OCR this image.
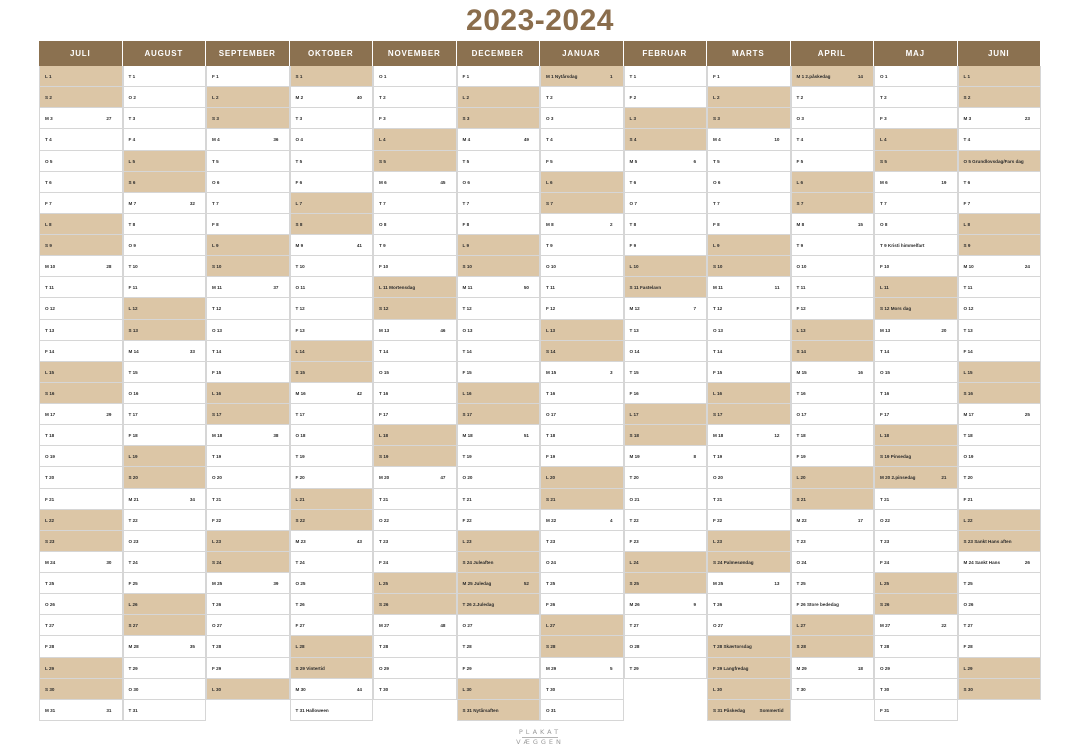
2023-2024
JULI
L 1
S 2
M 3	27
T 4
O 5
T 6
F 7
L 8
S 9
M 10	28
T 11
O 12
T 13
F 14
L 15
S 16
M 17	29
T 18
O 19
T 20
F 21
L 22
S 23
M 24	30
T 25
O 26
T 27
F 28
L 29
S 30
M 31	31
AUGUST
T 1
O 2
T 3
F 4
L 5
S 6
M 7	32
T 8
O 9
T 10
F 11
L 12
S 13
M 14	33
T 15
O 16
T 17
F 18
L 19
S 20
M 21	34
T 22
O 23
T 24
F 25
L 26
S 27
M 28	35
T 29
O 30
T 31
SEPTEMBER
F 1
L 2
S 3
M 4	36
T 5
O 6
T 7
F 8
L 9
S 10
M 11	37
T 12
O 13
T 14
F 15
L 16
S 17
M 18	38
T 19
O 20
T 21
F 22
L 23
S 24
M 25	39
T 26
O 27
T 28
F 29
L 30
OKTOBER
S 1
M 2	40
T 3
O 4
T 5
F 6
L 7
S 8
M 9	41
T 10
O 11
T 12
F 13
L 14
S 15
M 16	42
T 17
O 18
T 19
F 20
L 21
S 22
M 23	43
T 24
O 25
T 26
F 27
L 28
S 29 Vintertid
M 30	44
T 31 Halloween
NOVEMBER
O 1
T 2
F 3
L 4
S 5
M 6	45
T 7
O 8
T 9
F 10
L 11 Mortensdag
S 12
M 13	46
T 14
O 15
T 16
F 17
L 18
S 19
M 20	47
T 21
O 22
T 23
F 24
L 25
S 26
M 27	48
T 28
O 29
T 30
DECEMBER
F 1
L 2
S 3
M 4	49
T 5
O 6
T 7
F 8
L 9
S 10
M 11	50
T 12
O 13
T 14
F 15
L 16
S 17
M 18	51
T 19
O 20
T 21
F 22
L 23
S 24 Juleaften
M 25 Juledag	52
T 26 2.Juledag
O 27
T 28
F 29
L 30
S 31 Nytårsaften
JANUAR
M 1 Nytårsdag	1
T 2
O 3
T 4
F 5
L 6
S 7
M 8	2
T 9
O 10
T 11
F 12
L 13
S 14
M 15	3
T 16
O 17
T 18
F 19
L 20
S 21
M 22	4
T 23
O 24
T 25
F 26
L 27
S 28
M 29	5
T 30
O 31
FEBRUAR
T 1
F 2
L 3
S 4
M 5	6
T 6
O 7
T 8
F 9
L 10
S 11 Fastelavn
M 12	7
T 13
O 14
T 15
F 16
L 17
S 18
M 19	8
T 20
O 21
T 22
F 23
L 24
S 25
M 26	9
T 27
O 28
T 29
MARTS
F 1
L 2
S 3
M 4	10
T 5
O 6
T 7
F 8
L 9
S 10
M 11	11
T 12
O 13
T 14
F 15
L 16
S 17
M 18	12
T 19
O 20
T 21
F 22
L 23
S 24 Palmesøndag
M 25	13
T 26
O 27
T 28 Skærtorsdag
F 29 Langfredag
L 30
S 31 Påskedag	Sommertid
APRIL
M 1 2.påskedag	14
T 2
O 3
T 4
F 5
L 6
S 7
M 8	15
T 9
O 10
T 11
F 12
L 13
S 14
M 15	16
T 16
O 17
T 18
F 19
L 20
S 21
M 22	17
T 23
O 24
T 25
F 26 Store bededag
L 27
S 28
M 29	18
T 30
MAJ
O 1
T 2
F 3
L 4
S 5
M 6	19
T 7
O 8
T 9 Kristi himmelfart
F 10
L 11
S 12 Mors dag
M 13	20
T 14
O 15
T 16
F 17
L 18
S 19 Pinsedag
M 20 2.pinsedag	21
T 21
O 22
T 23
F 24
L 25
S 26
M 27	22
T 28
O 29
T 30
F 31
JUNI
L 1
S 2
M 3	23
T 4
O 5 Grundlovsdag/Fars dag
T 6
F 7
L 8
S 9
M 10	24
T 11
O 12
T 13
F 14
L 15
S 16
M 17	25
T 18
O 19
T 20
F 21
L 22
S 23 Sankt Hans aften
M 24 Sankt Hans	26
T 25
O 26
T 27
F 28
L 29
S 30
PLAKAT
VÆGGEN
